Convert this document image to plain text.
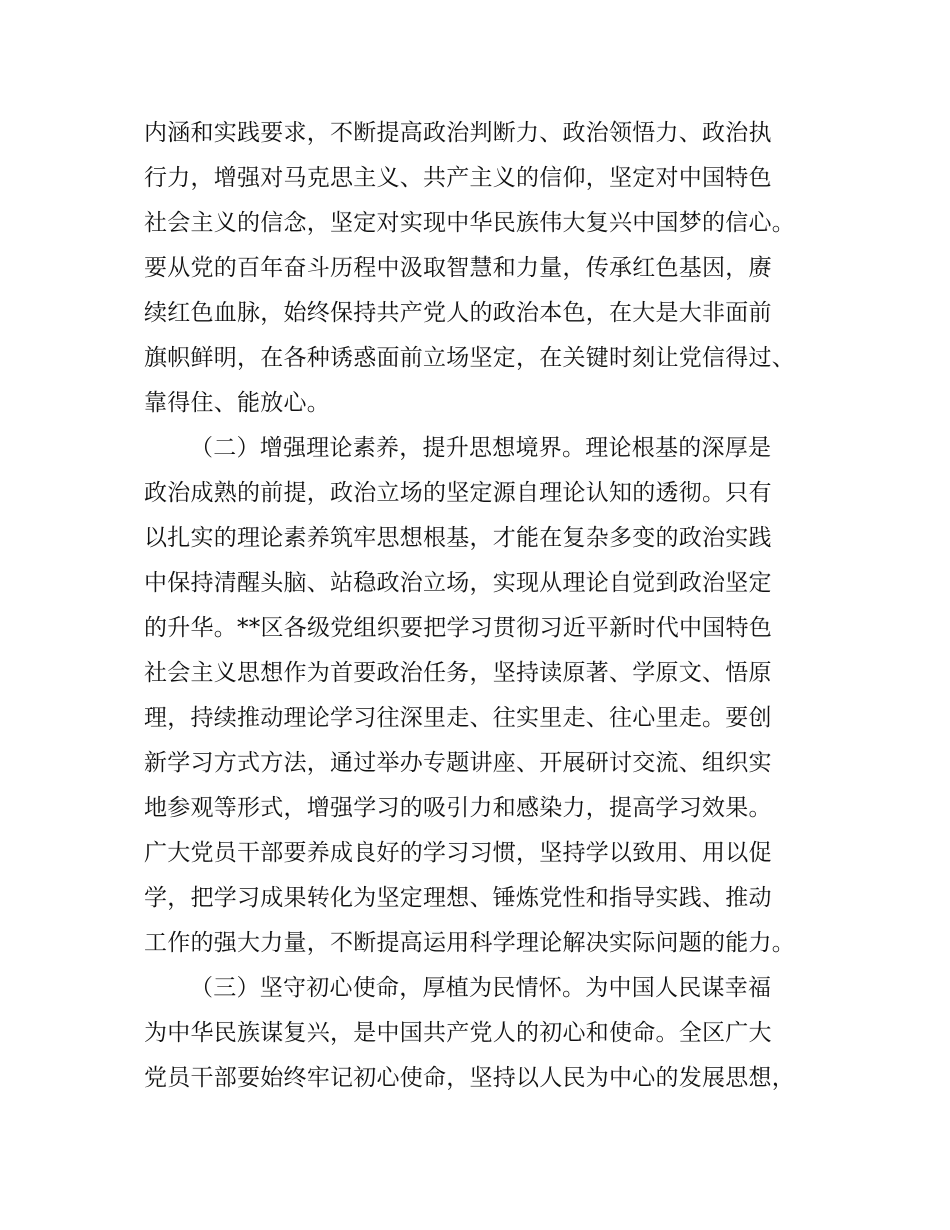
内涵和实践要求，不断提高政治判断力、政治领悟力、政治执
行力，增强对马克思主义、共产主义的信仰，坚定对中国特色
社会主义的信念，坚定对实现中华民族伟大复兴中国梦的信心。
要从党的百年奋斗历程中汲取智慧和力量，传承红色基因，赓
续红色血脉，始终保持共产党人的政治本色，在大是大非面前
旗帜鲜明，在各种诱惑面前立场坚定，在关键时刻让党信得过、
靠得住、能放心。
（二）增强理论素养，提升思想境界。理论根基的深厚是
政治成熟的前提，政治立场的坚定源自理论认知的透彻。只有
以扎实的理论素养筑牢思想根基，才能在复杂多变的政治实践
中保持清醒头脑、站稳政治立场，实现从理论自觉到政治坚定
的升华。**区各级党组织要把学习贯彻习近平新时代中国特色
社会主义思想作为首要政治任务，坚持读原著、学原文、悟原
理，持续推动理论学习往深里走、往实里走、往心里走。要创
新学习方式方法，通过举办专题讲座、开展研讨交流、组织实
地参观等形式，增强学习的吸引力和感染力，提高学习效果。
广大党员干部要养成良好的学习习惯，坚持学以致用、用以促
学，把学习成果转化为坚定理想、锤炼党性和指导实践、推动
工作的强大力量，不断提高运用科学理论解决实际问题的能力。
（三）坚守初心使命，厚植为民情怀。为中国人民谋幸福
为中华民族谋复兴，是中国共产党人的初心和使命。全区广大
党员干部要始终牢记初心使命，坚持以人民为中心的发展思想，
